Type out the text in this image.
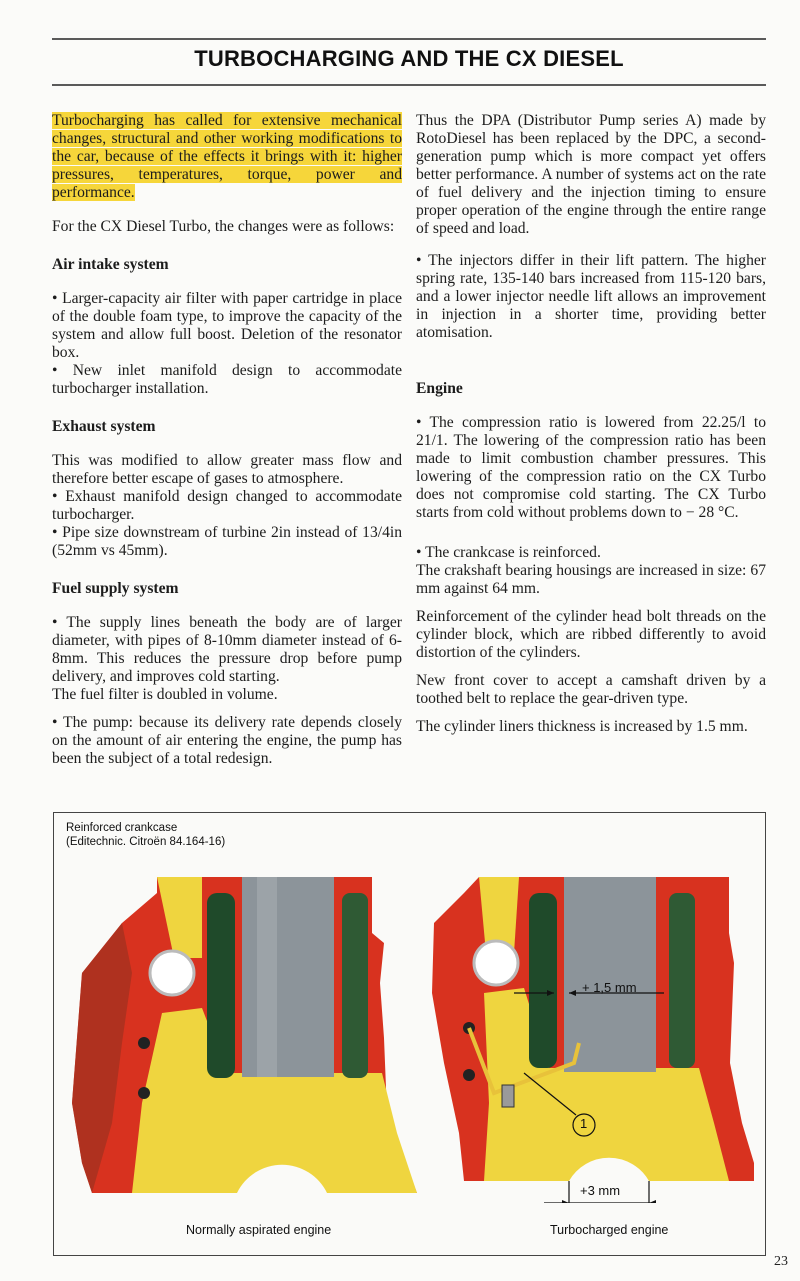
TURBOCHARGING AND THE CX DIESEL

Turbocharging has called for extensive mechanical changes, structural and other working modifications to the car, because of the effects it brings with it: higher pressures, temperatures, torque, power and performance.

For the CX Diesel Turbo, the changes were as follows:

Air intake system

• Larger-capacity air filter with paper cartridge in place of the double foam type, to improve the capacity of the system and allow full boost. Deletion of the resonator box.

• New inlet manifold design to accommodate turbocharger installation.

Exhaust system

This was modified to allow greater mass flow and therefore better escape of gases to atmosphere.

• Exhaust manifold design changed to accommodate turbocharger.

• Pipe size downstream of turbine 2in instead of 13/4in (52mm vs 45mm).

Fuel supply system

• The supply lines beneath the body are of larger diameter, with pipes of 8-10mm diameter instead of 6-8mm. This reduces the pressure drop before pump delivery, and improves cold starting.

The fuel filter is doubled in volume.

• The pump: because its delivery rate depends closely on the amount of air entering the engine, the pump has been the subject of a total redesign.

Thus the DPA (Distributor Pump series A) made by RotoDiesel has been replaced by the DPC, a second-generation pump which is more compact yet offers better performance. A number of systems act on the rate of fuel delivery and the injection timing to ensure proper operation of the engine through the entire range of speed and load.

• The injectors differ in their lift pattern. The higher spring rate, 135-140 bars increased from 115-120 bars, and a lower injector needle lift allows an improvement in injection in a shorter time, providing better atomisation.

Engine

• The compression ratio is lowered from 22.25/l to 21/1. The lowering of the compression ratio has been made to limit combustion chamber pressures. This lowering of the compression ratio on the CX Turbo does not compromise cold starting. The CX Turbo starts from cold without problems down to − 28 °C.

• The crankcase is reinforced.

The crakshaft bearing housings are increased in size: 67 mm against 64 mm.

Reinforcement of the cylinder head bolt threads on the cylinder block, which are ribbed differently to avoid distortion of the cylinders.

New front cover to accept a camshaft driven by a toothed belt to replace the gear-driven type.

The cylinder liners thickness is increased by 1.5 mm.

Reinforced crankcase
(Editechnic. Citroën 84.164-16)
+ 1,5 mm
1
+3 mm
Normally aspirated engine	Turbocharged engine
23
